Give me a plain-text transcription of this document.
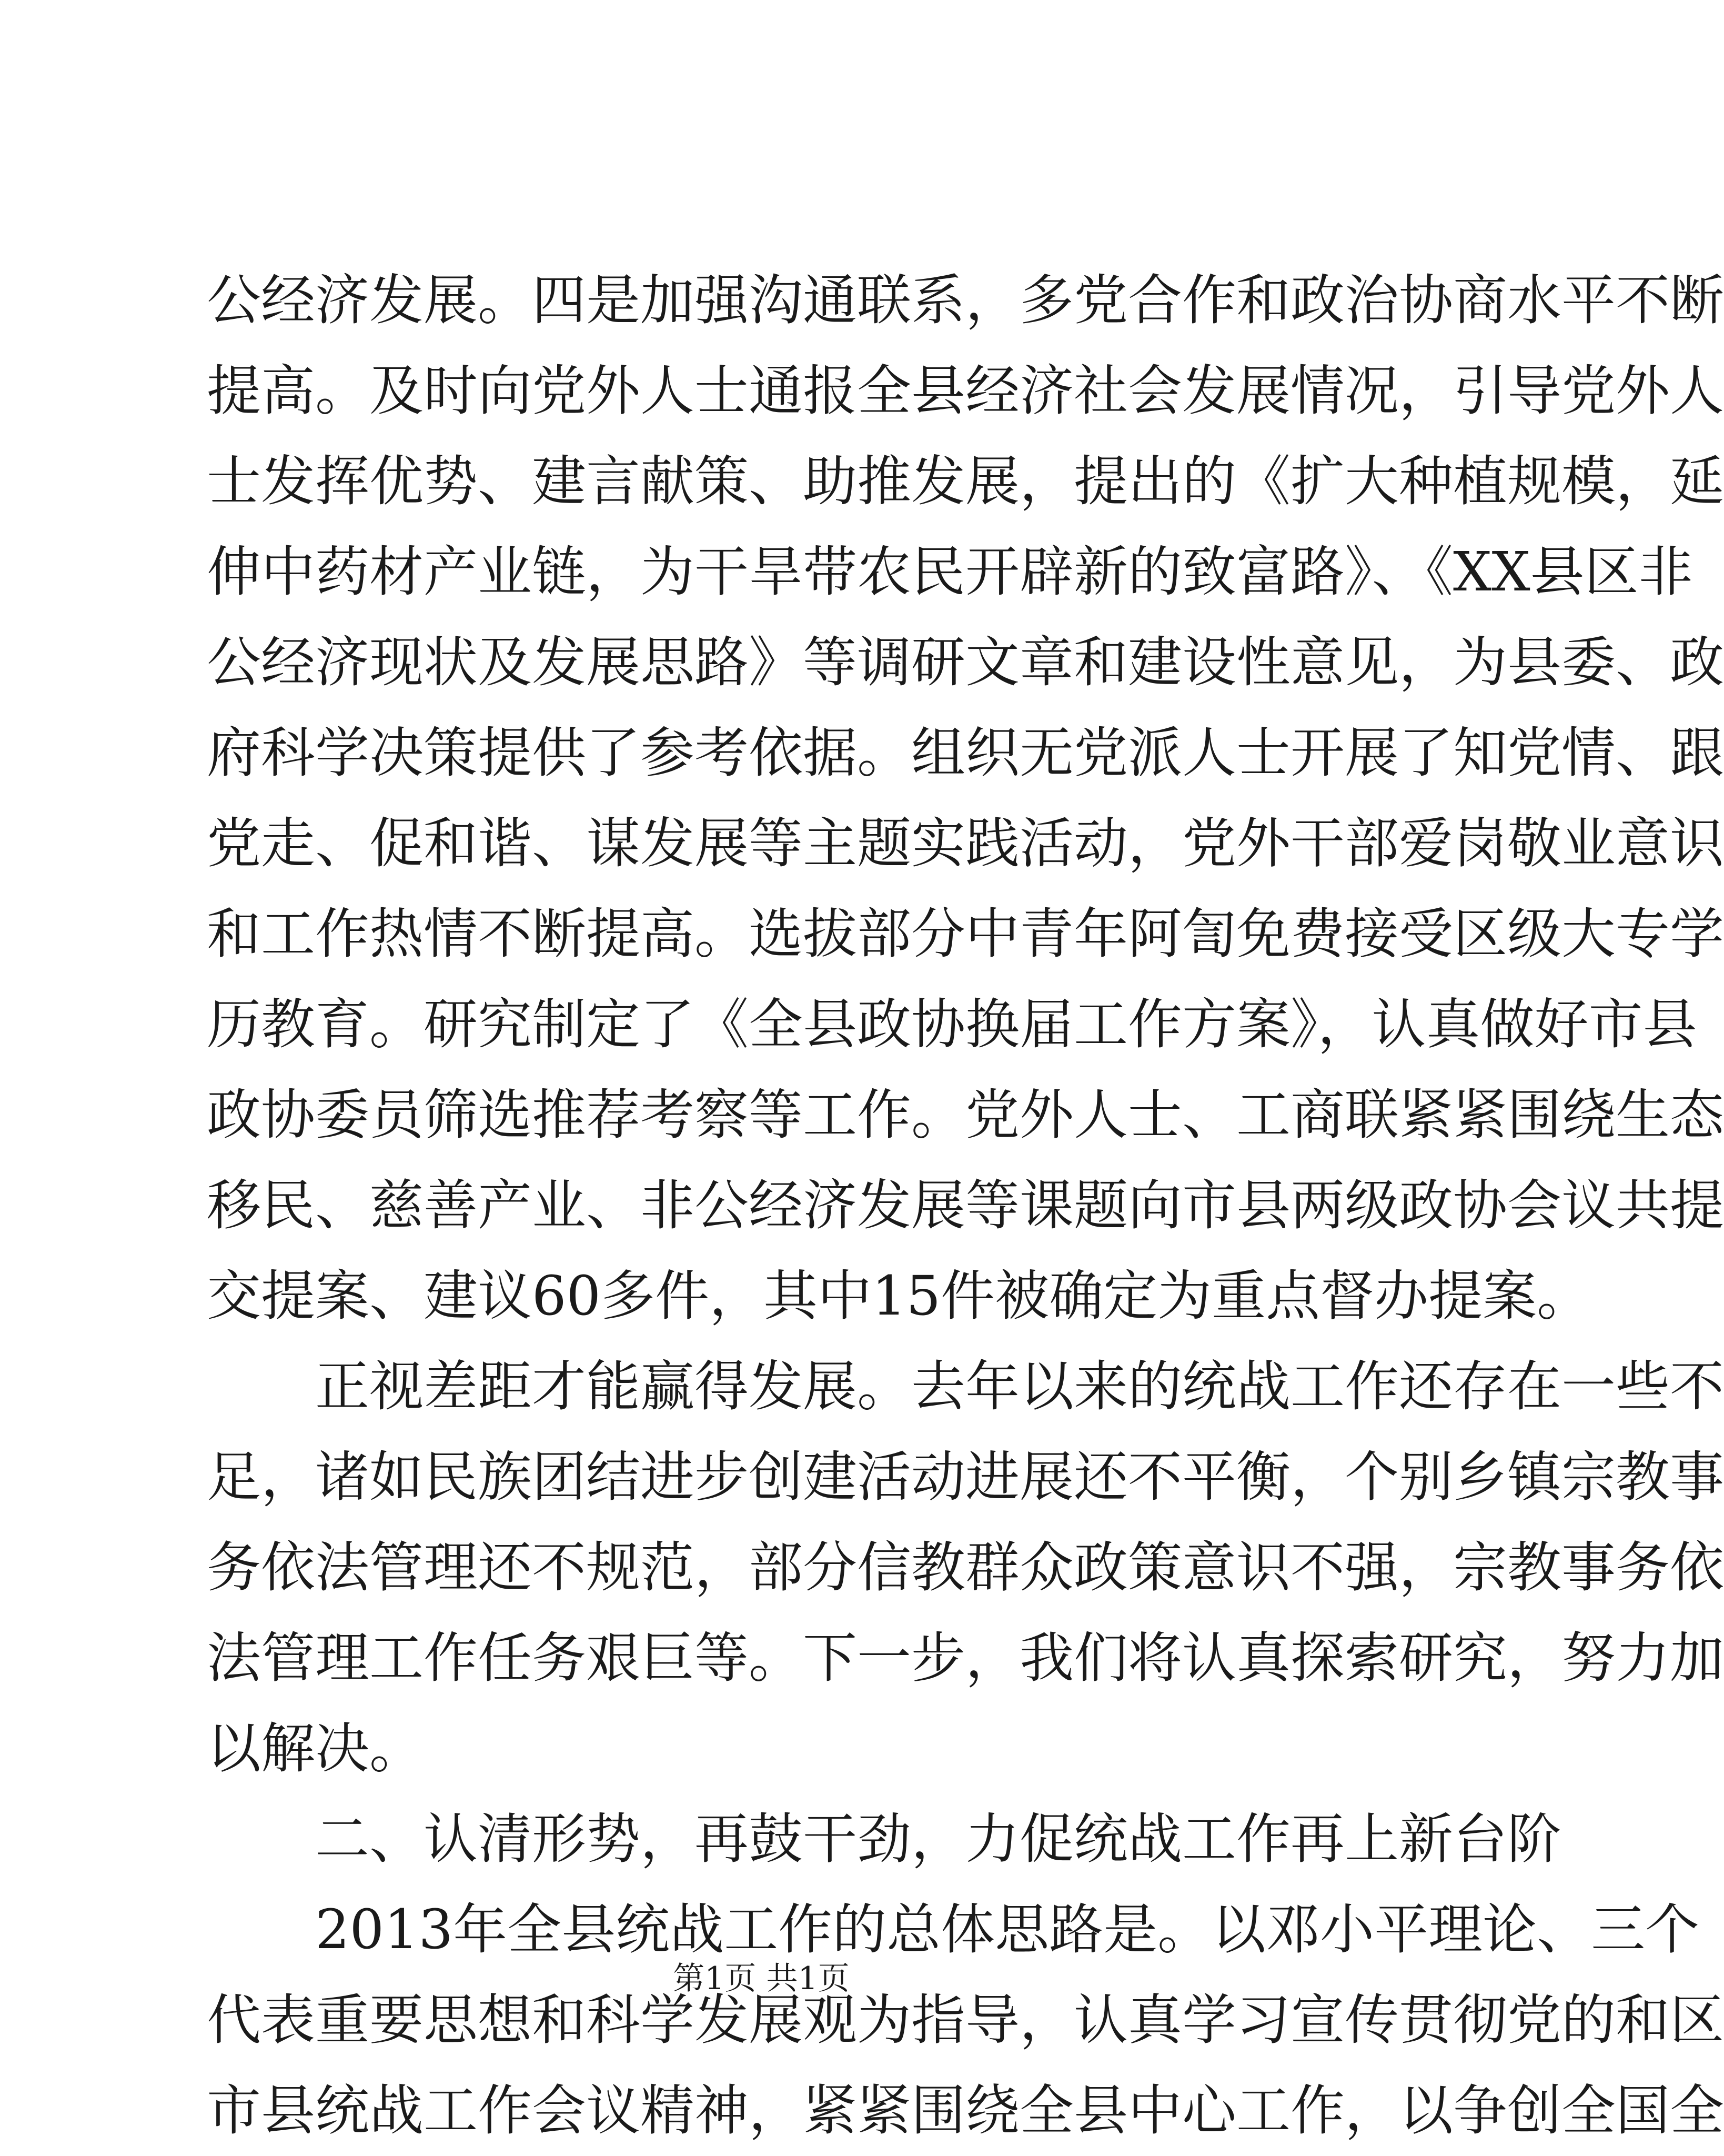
公经济发展。四是加强沟通联系，多党合作和政治协商水平不断
提高。及时向党外人士通报全县经济社会发展情况，引导党外人
士发挥优势、建言献策、助推发展，提出的《扩大种植规模，延
伸中药材产业链，为干旱带农民开辟新的致富路》、《XX县区非
公经济现状及发展思路》等调研文章和建设性意见，为县委、政
府科学决策提供了参考依据。组织无党派人士开展了知党情、跟
党走、促和谐、谋发展等主题实践活动，党外干部爱岗敬业意识
和工作热情不断提高。选拔部分中青年阿訇免费接受区级大专学
历教育。研究制定了《全县政协换届工作方案》，认真做好市县
政协委员筛选推荐考察等工作。党外人士、工商联紧紧围绕生态
移民、慈善产业、非公经济发展等课题向市县两级政协会议共提
交提案、建议60多件，其中15件被确定为重点督办提案。

正视差距才能赢得发展。去年以来的统战工作还存在一些不
足，诸如民族团结进步创建活动进展还不平衡，个别乡镇宗教事
务依法管理还不规范，部分信教群众政策意识不强，宗教事务依
法管理工作任务艰巨等。下一步，我们将认真探索研究，努力加
以解决。

二、认清形势，再鼓干劲，力促统战工作再上新台阶

2013年全县统战工作的总体思路是。以邓小平理论、三个
代表重要思想和科学发展观为指导，认真学习宣传贯彻党的和区
市县统战工作会议精神，紧紧围绕全县中心工作，以争创全国全

第1页 共1页
